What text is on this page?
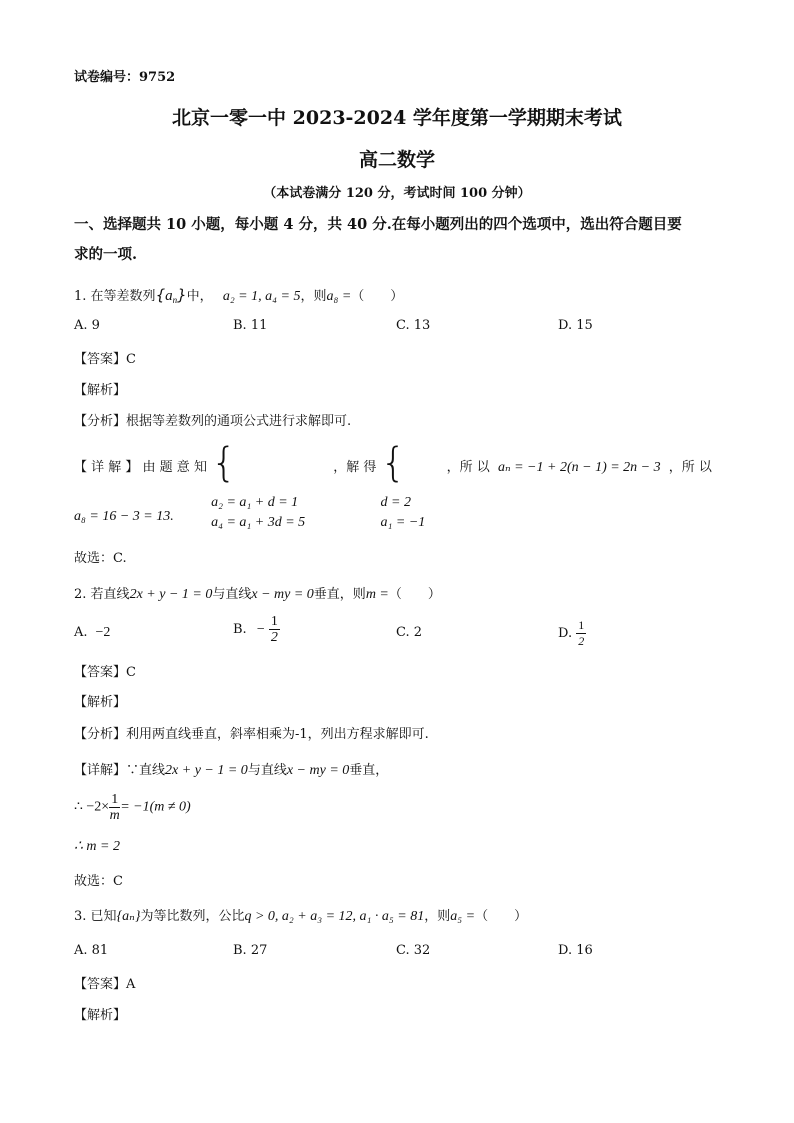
试卷编号：9752
北京一零一中 2023-2024 学年度第一学期期末考试
高二数学
（本试卷满分 120 分，考试时间 100 分钟）
一、选择题共 10 小题，每小题 4 分，共 40 分.在每小题列出的四个选项中，选出符合题目要
求的一项.
1. 在等差数列$\{a_n\}$中， a₂ = 1, a₄ = 5，则a₈ =（　　）
A. 9	B. 11	C. 13	D. 15
【答案】C
【解析】
【分析】根据等差数列的通项公式进行求解即可.
【 详 解 】 由 题 意 知 {
a₂ = a₁ + d = 1
a₄ = a₁ + 3d = 5
，解 得 {
d = 2
a₁ = −1
，所 以 aₙ = −1 + 2(n − 1) = 2n − 3 ，所 以
a₈ = 16 − 3 = 13.
故选：C.
2. 若直线2x + y − 1 = 0与直线x − my = 0垂直，则m =（　　）
A. −2	B. − $\frac{1}{2}$	C. 2	D. $\frac{1}{2}$
【答案】C
【解析】
【分析】利用两直线垂直，斜率相乘为-1，列出方程求解即可.
【详解】∵直线2x + y − 1 = 0与直线x − my = 0垂直，
∴ $-2\times \frac{1}{m} = -1(m \ne 0)$
∴ m = 2
故选：C
3. 已知{aₙ}为等比数列，公比q > 0, a₂ + a₃ = 12, a₁ · a₅ = 81，则a₅ =（　　）
A. 81	B. 27	C. 32	D. 16
【答案】A
【解析】
